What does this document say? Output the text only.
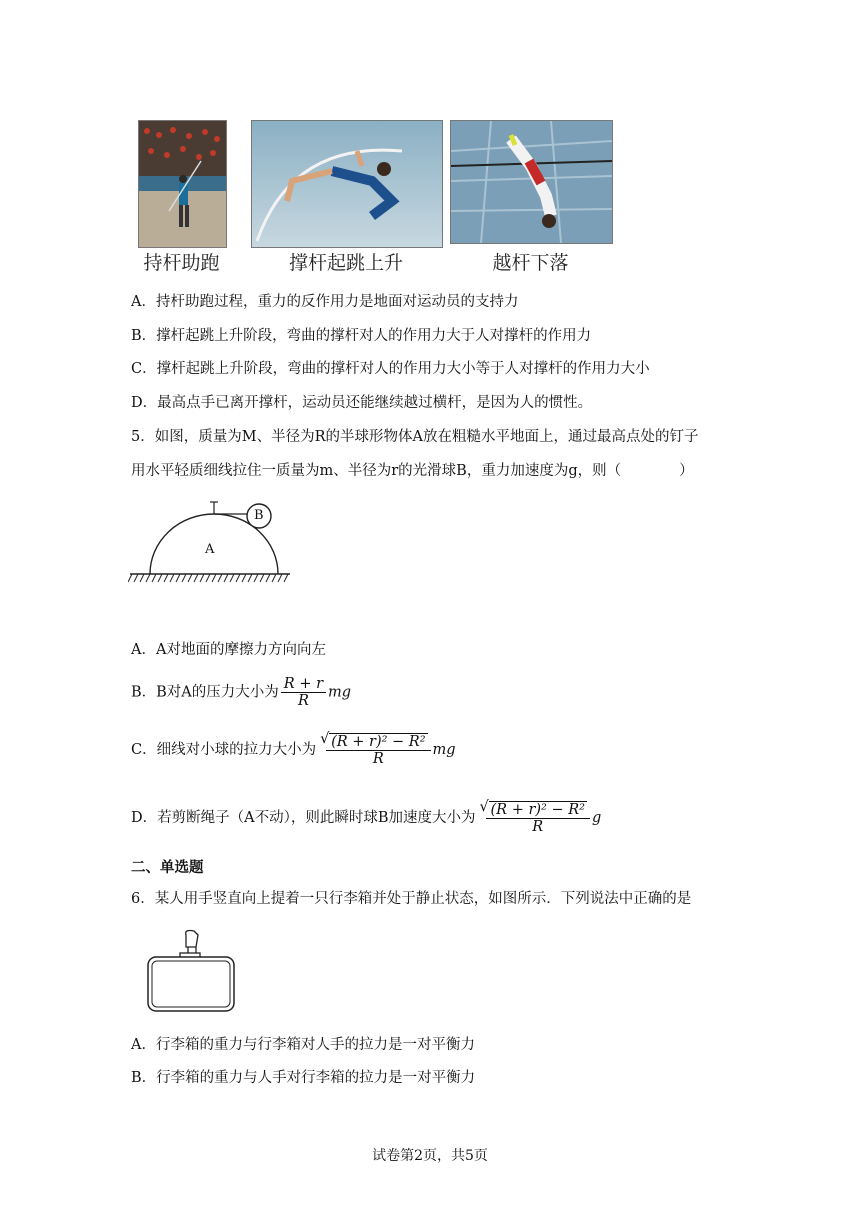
持杆助跑	撑杆起跳上升	越杆下落
A．持杆助跑过程，重力的反作用力是地面对运动员的支持力
B．撑杆起跳上升阶段，弯曲的撑杆对人的作用力大于人对撑杆的作用力
C．撑杆起跳上升阶段，弯曲的撑杆对人的作用力大小等于人对撑杆的作用力大小
D．最高点手已离开撑杆，运动员还能继续越过横杆，是因为人的惯性。
5．如图，质量为M、半径为R的半球形物体A放在粗糙水平地面上，通过最高点处的钉子
用水平轻质细线拉住一质量为m、半径为r的光滑球B，重力加速度为g，则（　　　　）
A
B
A．A对地面的摩擦力方向向左
B．B对A的压力大小为 $\frac{R + r}{R}$ mg
C．细线对小球的拉力大小为 √ $\frac{\text{(R + r)² − R²}}{R}$ mg
D．若剪断绳子（A不动），则此瞬时球B加速度大小为 √ $\frac{\text{(R + r)² − R²}}{R}$ g
二、单选题
6．某人用手竖直向上提着一只行李箱并处于静止状态，如图所示．下列说法中正确的是
A．行李箱的重力与行李箱对人手的拉力是一对平衡力
B．行李箱的重力与人手对行李箱的拉力是一对平衡力
试卷第2页，共5页
